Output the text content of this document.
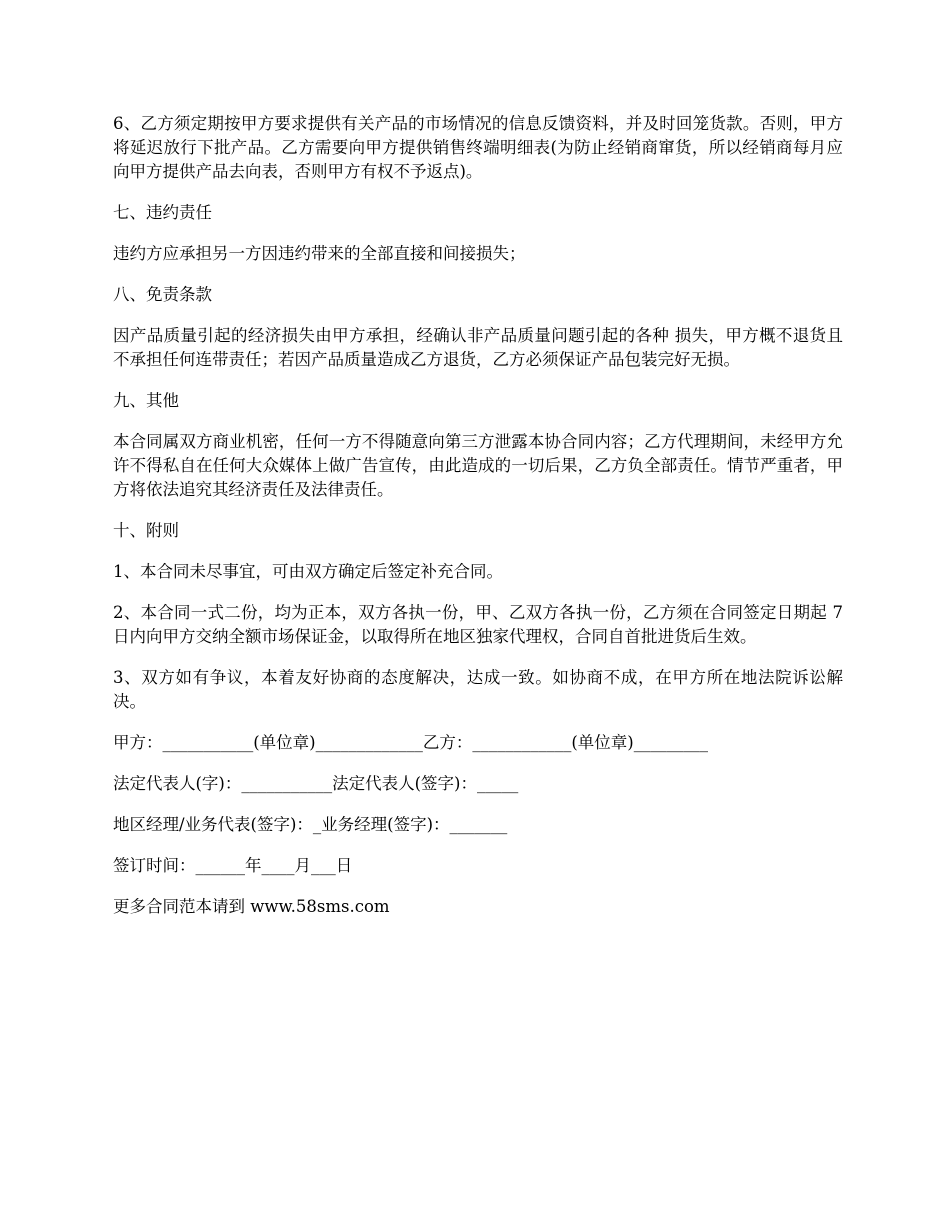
6、乙方须定期按甲方要求提供有关产品的市场情况的信息反馈资料，并及时回笼货款。否则，甲方将延迟放行下批产品。乙方需要向甲方提供销售终端明细表(为防止经销商窜货，所以经销商每月应向甲方提供产品去向表，否则甲方有权不予返点)。

七、违约责任

违约方应承担另一方因违约带来的全部直接和间接损失；

八、免责条款

因产品质量引起的经济损失由甲方承担，经确认非产品质量问题引起的各种 损失，甲方概不退货且不承担任何连带责任；若因产品质量造成乙方退货，乙方必须保证产品包装完好无损。

九、其他

本合同属双方商业机密，任何一方不得随意向第三方泄露本协合同内容；乙方代理期间，未经甲方允许不得私自在任何大众媒体上做广告宣传，由此造成的一切后果，乙方负全部责任。情节严重者，甲方将依法追究其经济责任及法律责任。

十、附则

1、本合同未尽事宜，可由双方确定后签定补充合同。

2、本合同一式二份，均为正本，双方各执一份，甲、乙双方各执一份，乙方须在合同签定日期起 7 日内向甲方交纳全额市场保证金，以取得所在地区独家代理权，合同自首批进货后生效。

3、双方如有争议，本着友好协商的态度解决，达成一致。如协商不成，在甲方所在地法院诉讼解决。

甲方：___________(单位章)_____________乙方：____________(单位章)_________

法定代表人(字)：___________法定代表人(签字)：_____

地区经理/业务代表(签字)：_业务经理(签字)：_______

签订时间：______年____月___日

更多合同范本请到 www.58sms.com
